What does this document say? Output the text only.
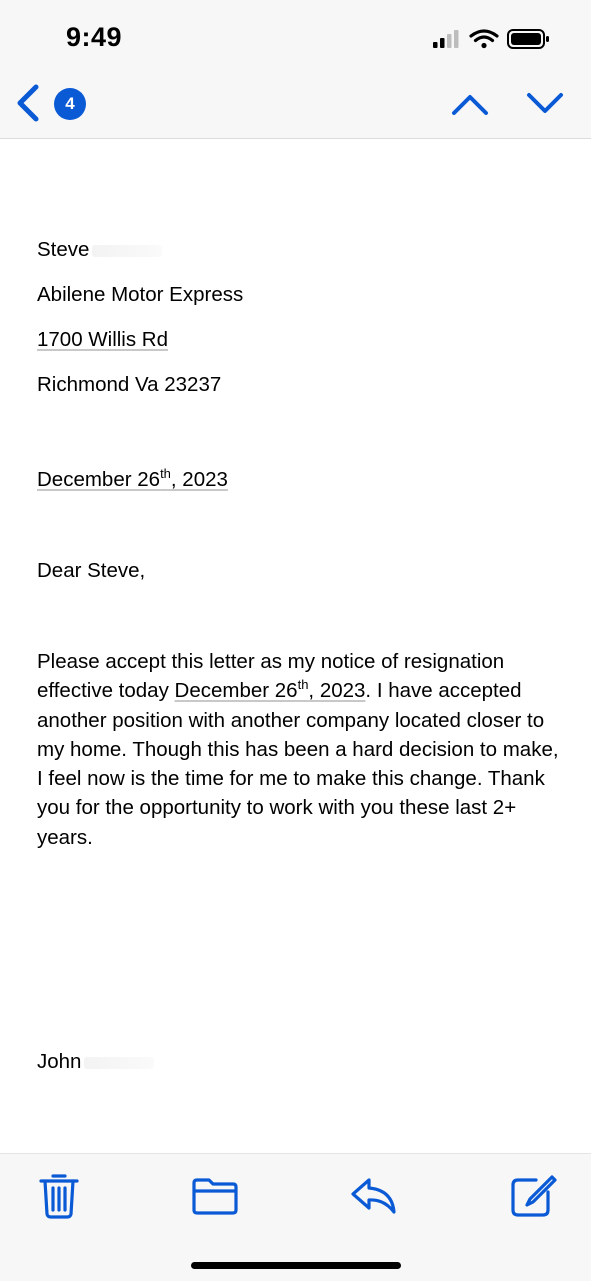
9:49
4
Steve
Abilene Motor Express
1700 Willis Rd
Richmond Va 23237
December 26th, 2023
Dear Steve,
Please accept this letter as my notice of resignation effective today December 26th, 2023. I have accepted another position with another company located closer to my home. Though this has been a hard decision to make, I feel now is the time for me to make this change. Thank you for the opportunity to work with you these last 2+ years.
John
